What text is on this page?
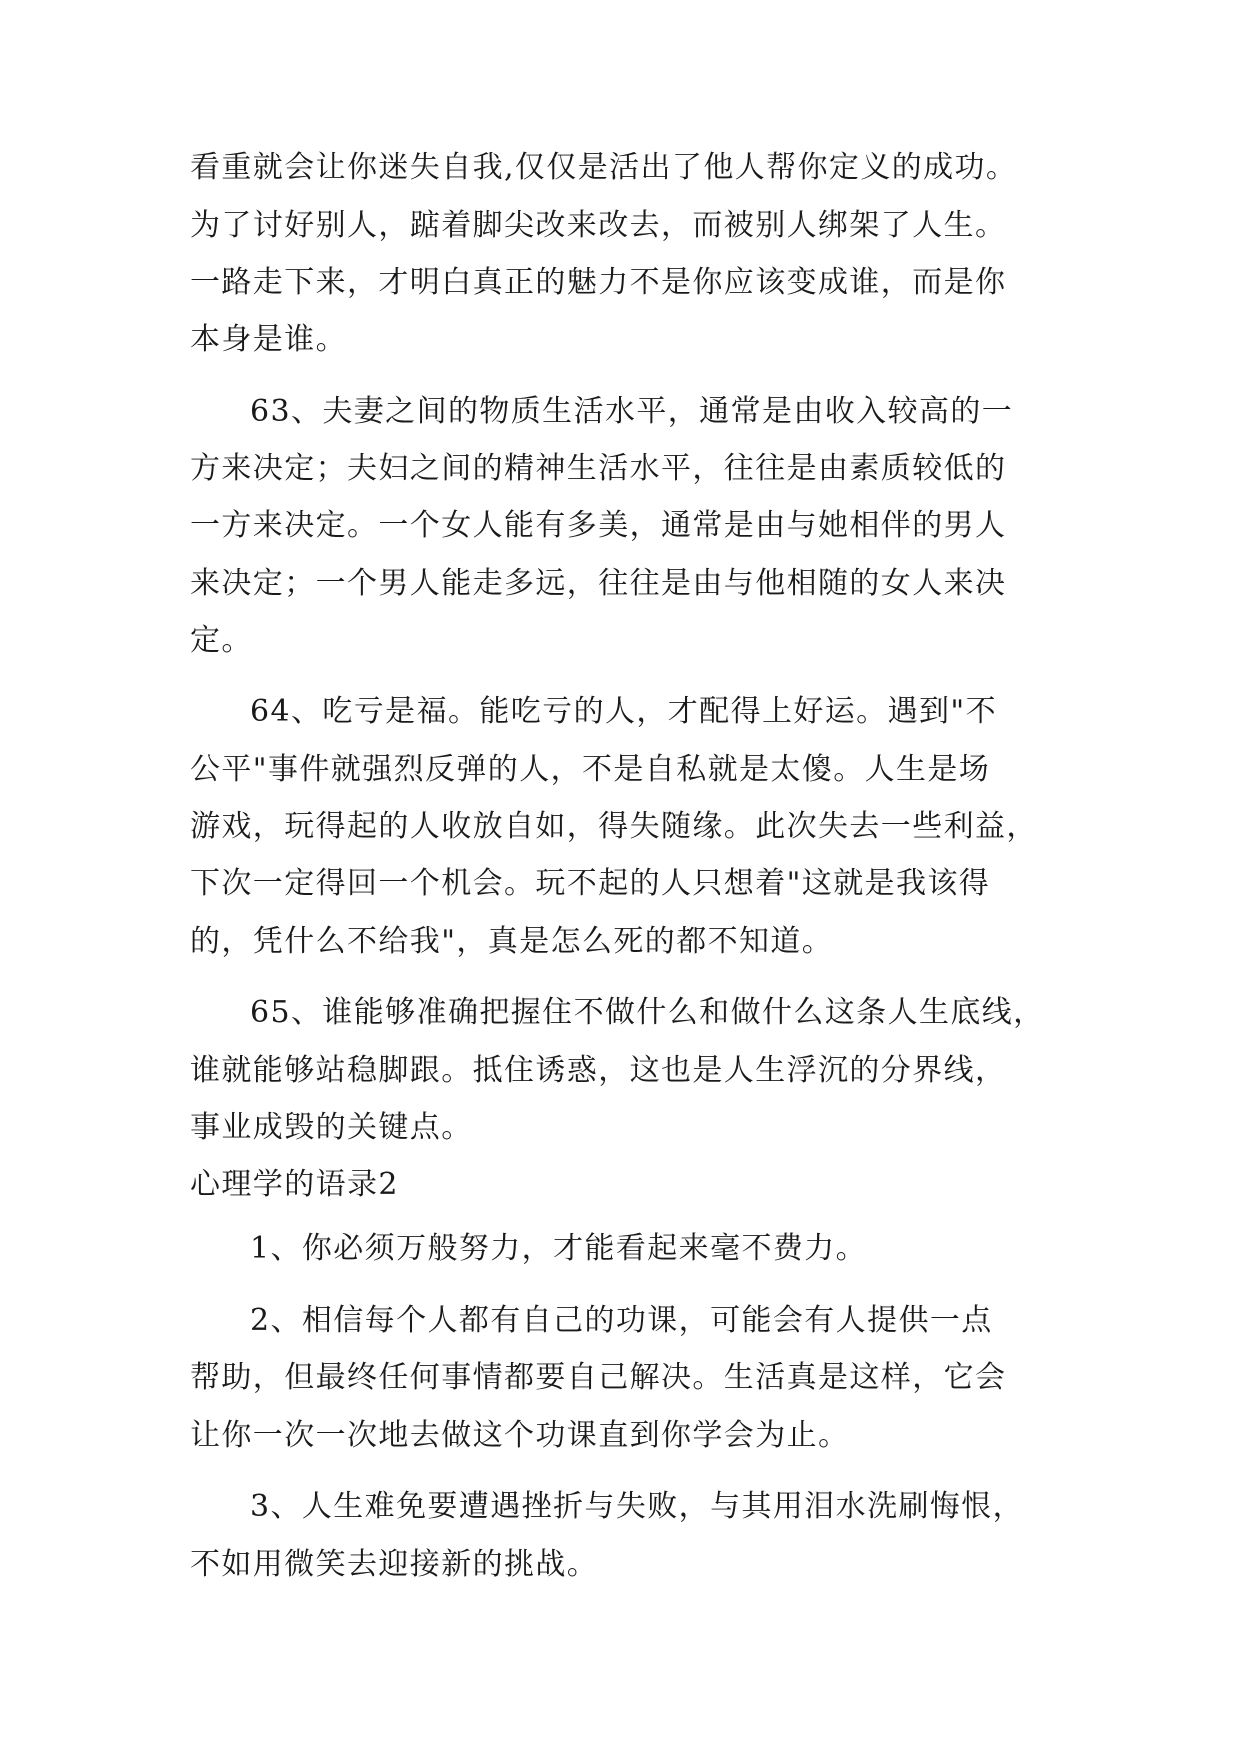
看重就会让你迷失自我,仅仅是活出了他人帮你定义的成功。
为了讨好别人，踮着脚尖改来改去，而被别人绑架了人生。
一路走下来，才明白真正的魅力不是你应该变成谁，而是你
本身是谁。
63、夫妻之间的物质生活水平，通常是由收入较高的一
方来决定；夫妇之间的精神生活水平，往往是由素质较低的
一方来决定。一个女人能有多美，通常是由与她相伴的男人
来决定；一个男人能走多远，往往是由与他相随的女人来决
定。
64、吃亏是福。能吃亏的人，才配得上好运。遇到"不
公平"事件就强烈反弹的人，不是自私就是太傻。人生是场
游戏，玩得起的人收放自如，得失随缘。此次失去一些利益，
下次一定得回一个机会。玩不起的人只想着"这就是我该得
的，凭什么不给我"，真是怎么死的都不知道。
65、谁能够准确把握住不做什么和做什么这条人生底线，
谁就能够站稳脚跟。抵住诱惑，这也是人生浮沉的分界线，
事业成毁的关键点。
心理学的语录2
1、你必须万般努力，才能看起来毫不费力。
2、相信每个人都有自己的功课，可能会有人提供一点
帮助，但最终任何事情都要自己解决。生活真是这样，它会
让你一次一次地去做这个功课直到你学会为止。
3、人生难免要遭遇挫折与失败，与其用泪水洗刷悔恨，
不如用微笑去迎接新的挑战。
